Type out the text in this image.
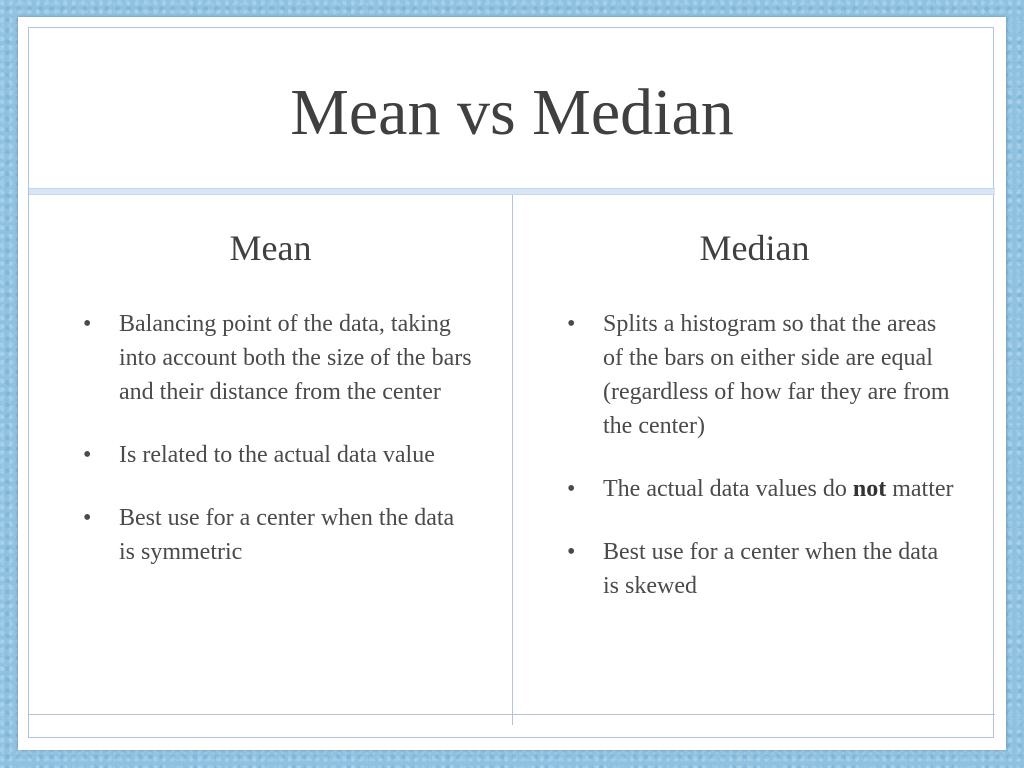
Mean vs Median
Mean
• Balancing point of the data, taking into account both the size of the bars and their distance from the center
• Is related to the actual data value
• Best use for a center when the data is symmetric
Median
• Splits a histogram so that the areas of the bars on either side are equal (regardless of how far they are from the center)
• The actual data values do not matter
• Best use for a center when the data is skewed
